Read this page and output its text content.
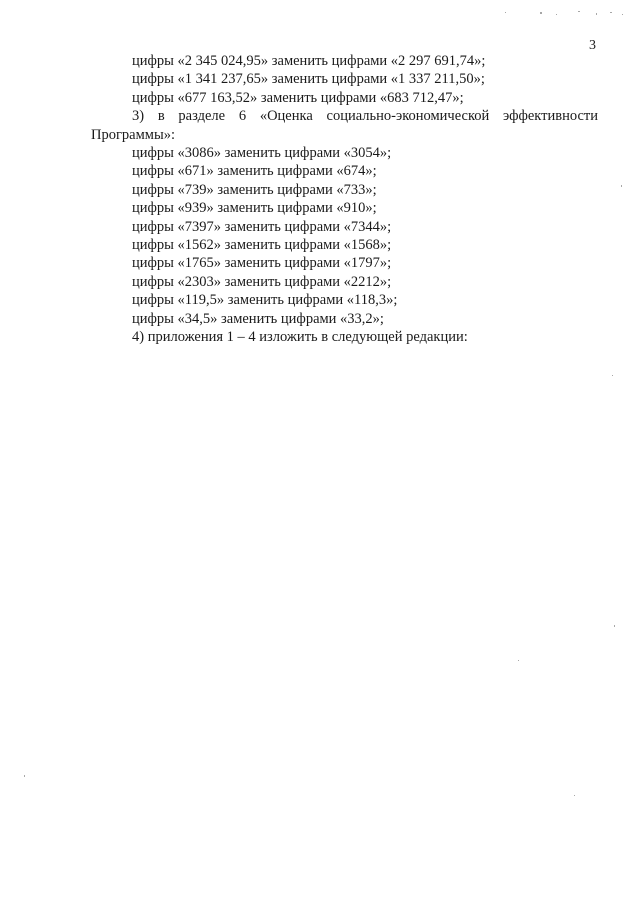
3
цифры «2 345 024,95» заменить цифрами «2 297 691,74»;
цифры «1 341 237,65» заменить цифрами «1 337 211,50»;
цифры «677 163,52» заменить цифрами «683 712,47»;
3) в разделе 6 «Оценка социально-экономической эффективности Программы»:
цифры «3086» заменить цифрами «3054»;
цифры «671» заменить цифрами «674»;
цифры «739» заменить цифрами «733»;
цифры «939» заменить цифрами «910»;
цифры «7397» заменить цифрами «7344»;
цифры «1562» заменить цифрами «1568»;
цифры «1765» заменить цифрами «1797»;
цифры «2303» заменить цифрами «2212»;
цифры «119,5» заменить цифрами «118,3»;
цифры «34,5» заменить цифрами «33,2»;
4) приложения 1 – 4 изложить в следующей редакции:
